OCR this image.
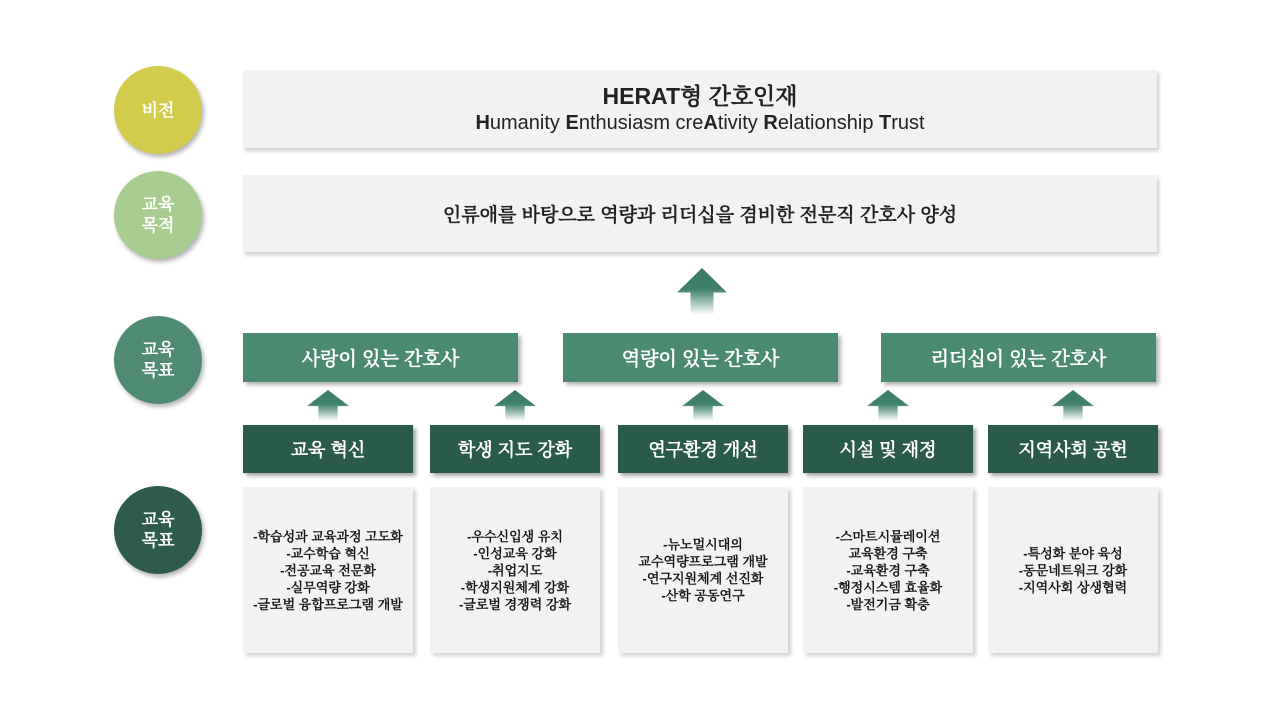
비전
교육
목적
교육
목표
교육
목표
HERAT형 간호인재
Humanity Enthusiasm creAtivity Relationship Trust
인류애를 바탕으로 역량과 리더십을 겸비한 전문직 간호사 양성
사랑이 있는 간호사	역량이 있는 간호사	리더십이 있는 간호사
교육 혁신	학생 지도 강화	연구환경 개선	시설 및 재정	지역사회 공헌
-학습성과 교육과정 고도화
-교수학습 혁신
-전공교육 전문화
-실무역량 강화
-글로벌 융합프로그램 개발
-우수신입생 유치
-인성교육 강화
-취업지도
-학생지원체계 강화
-글로벌 경쟁력 강화
-뉴노멀시대의
교수역량프로그램 개발
-연구지원체계 선진화
-산학 공동연구
-스마트시뮬레이션
교육환경 구축
-교육환경 구축
-행정시스템 효율화
-발전기금 확충
-특성화 분야 육성
-동문네트워크 강화
-지역사회 상생협력
